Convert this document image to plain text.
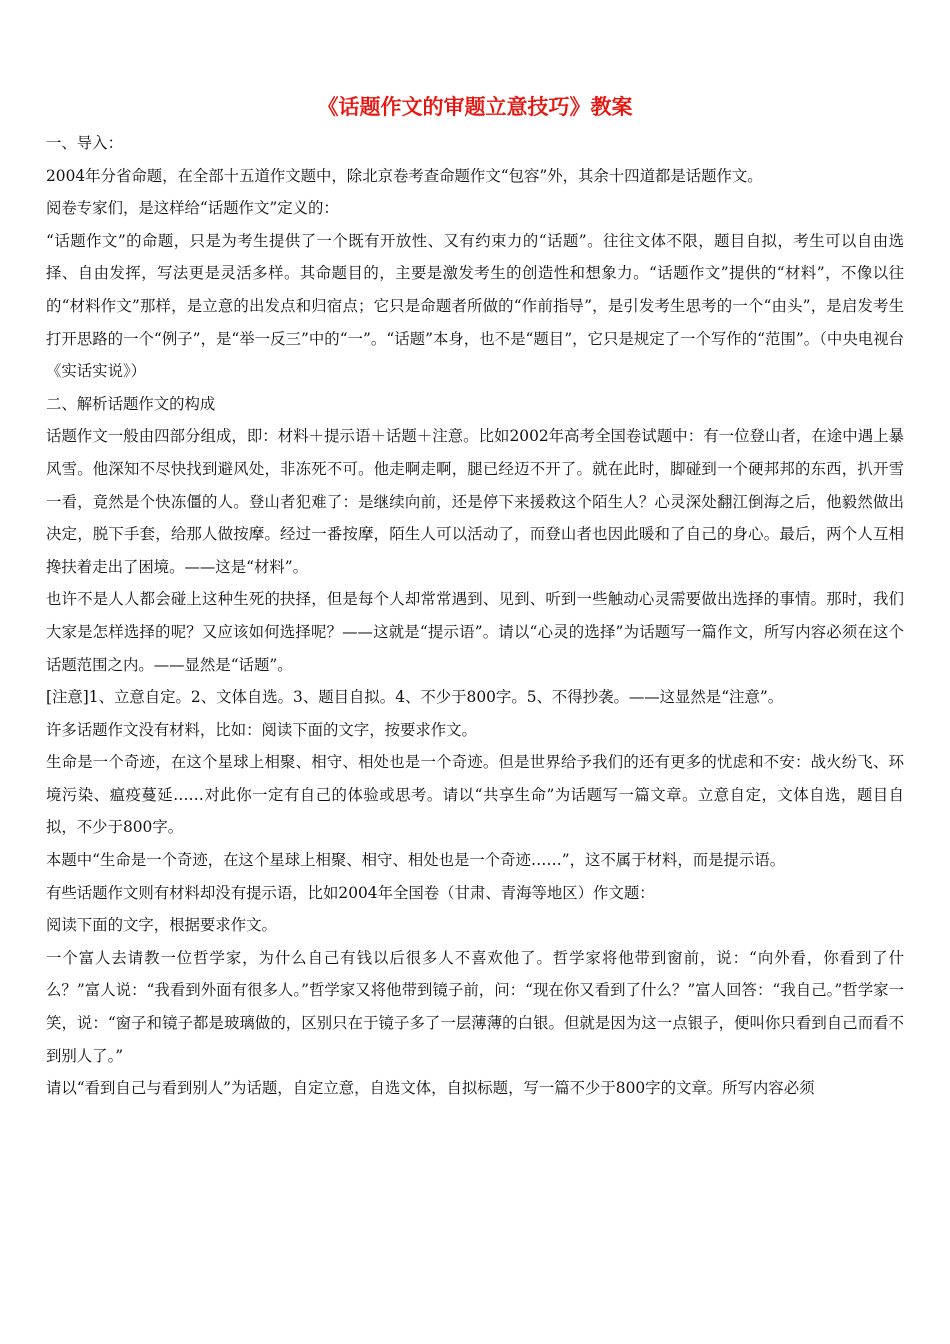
《话题作文的审题立意技巧》教案
一、导入：

2004年分省命题，在全部十五道作文题中，除北京卷考查命题作文“包容”外，其余十四道都是话题作文。

阅卷专家们，是这样给“话题作文”定义的：

“话题作文”的命题，只是为考生提供了一个既有开放性、又有约束力的“话题”。往往文体不限，题目自拟，考生可以自由选择、自由发挥，写法更是灵活多样。其命题目的，主要是激发考生的创造性和想象力。“话题作文”提供的“材料”，不像以往的“材料作文”那样，是立意的出发点和归宿点；它只是命题者所做的“作前指导”，是引发考生思考的一个“由头”，是启发考生打开思路的一个“例子”，是“举一反三”中的“一”。“话题”本身，也不是“题目”，它只是规定了一个写作的“范围”。（中央电视台《实话实说》）

二、解析话题作文的构成

话题作文一般由四部分组成，即：材料＋提示语＋话题＋注意。比如2002年高考全国卷试题中：有一位登山者，在途中遇上暴风雪。他深知不尽快找到避风处，非冻死不可。他走啊走啊，腿已经迈不开了。就在此时，脚碰到一个硬邦邦的东西，扒开雪一看，竟然是个快冻僵的人。登山者犯难了：是继续向前，还是停下来援救这个陌生人？心灵深处翻江倒海之后，他毅然做出决定，脱下手套，给那人做按摩。经过一番按摩，陌生人可以活动了，而登山者也因此暖和了自己的身心。最后，两个人互相搀扶着走出了困境。——这是“材料”。

也许不是人人都会碰上这种生死的抉择，但是每个人却常常遇到、见到、听到一些触动心灵需要做出选择的事情。那时，我们大家是怎样选择的呢？又应该如何选择呢？——这就是“提示语”。请以“心灵的选择”为话题写一篇作文，所写内容必须在这个话题范围之内。——显然是“话题”。

[注意]1、立意自定。2、文体自选。3、题目自拟。4、不少于800字。5、不得抄袭。——这显然是“注意”。

许多话题作文没有材料，比如：阅读下面的文字，按要求作文。

生命是一个奇迹，在这个星球上相聚、相守、相处也是一个奇迹。但是世界给予我们的还有更多的忧虑和不安：战火纷飞、环境污染、瘟疫蔓延……对此你一定有自己的体验或思考。请以“共享生命”为话题写一篇文章。立意自定，文体自选，题目自拟，不少于800字。

本题中“生命是一个奇迹，在这个星球上相聚、相守、相处也是一个奇迹……”，这不属于材料，而是提示语。

有些话题作文则有材料却没有提示语，比如2004年全国卷（甘肃、青海等地区）作文题：

阅读下面的文字，根据要求作文。

一个富人去请教一位哲学家，为什么自己有钱以后很多人不喜欢他了。哲学家将他带到窗前，说：“向外看，你看到了什么？”富人说：“我看到外面有很多人。”哲学家又将他带到镜子前，问：“现在你又看到了什么？”富人回答：“我自己。”哲学家一笑，说：“窗子和镜子都是玻璃做的，区别只在于镜子多了一层薄薄的白银。但就是因为这一点银子，便叫你只看到自己而看不到别人了。”

请以“看到自己与看到别人”为话题，自定立意，自选文体，自拟标题，写一篇不少于800字的文章。所写内容必须
